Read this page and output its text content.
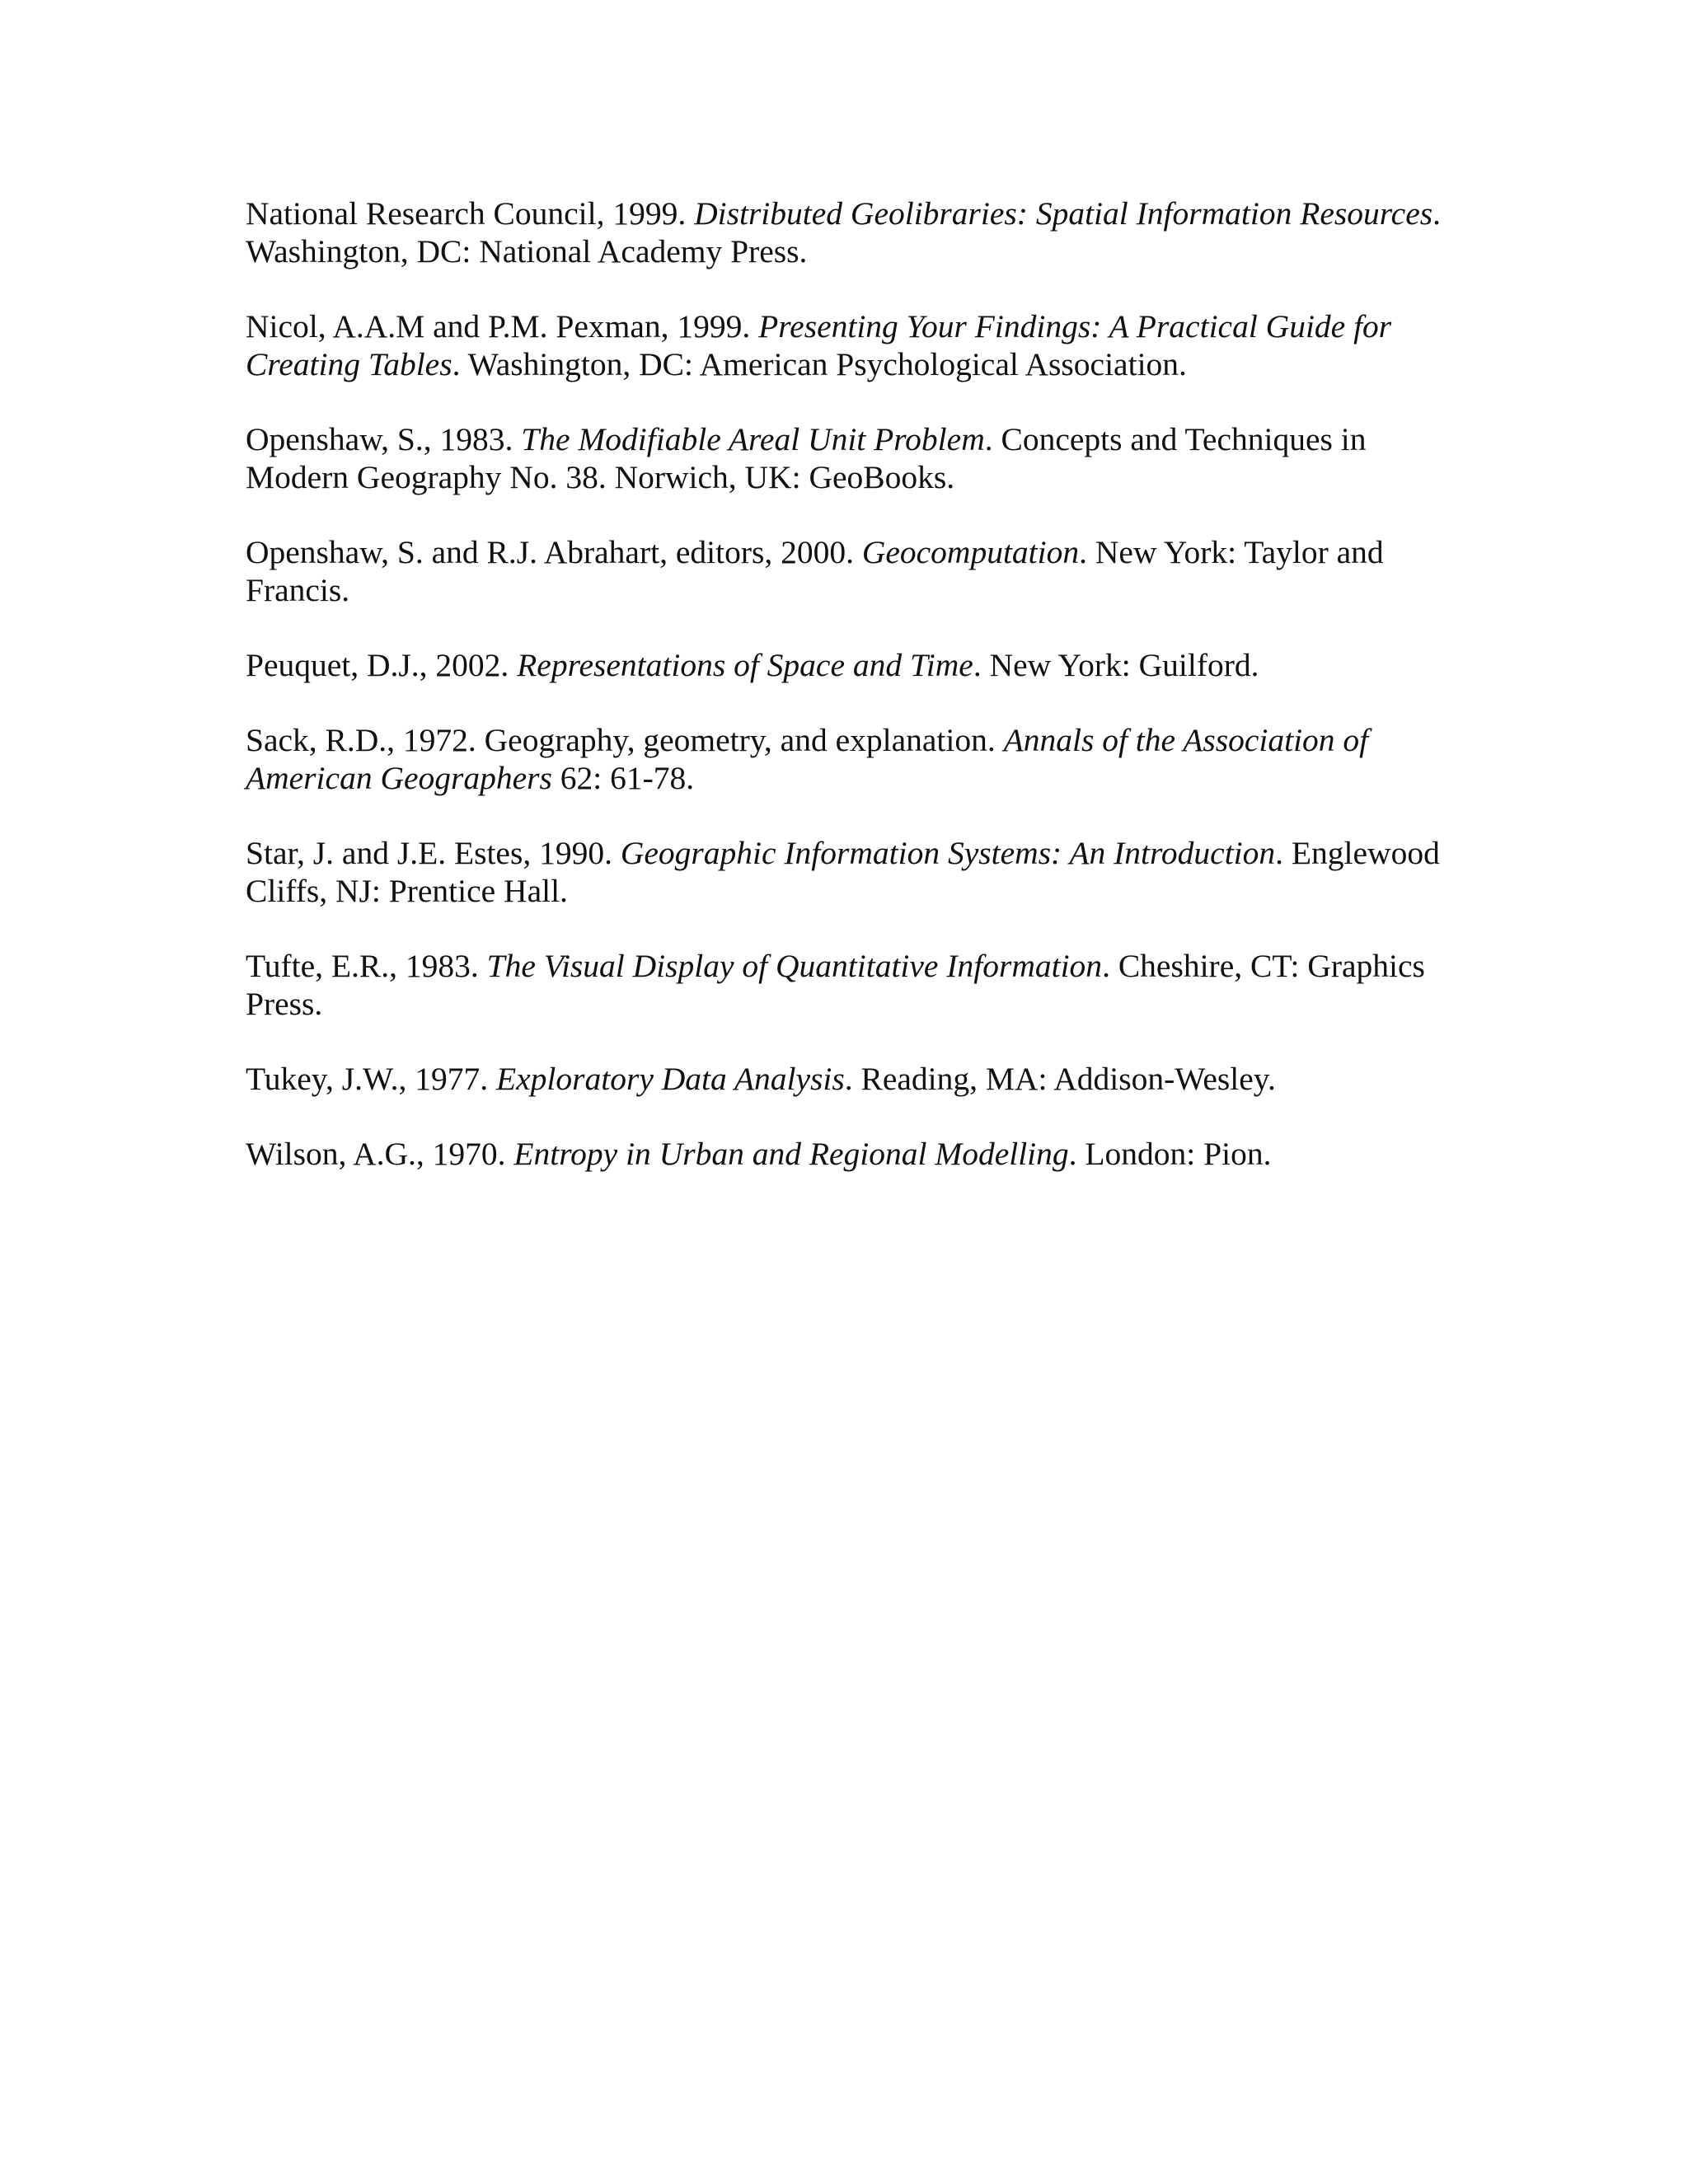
National Research Council, 1999. Distributed Geolibraries: Spatial Information Resources. Washington, DC: National Academy Press.

Nicol, A.A.M and P.M. Pexman, 1999. Presenting Your Findings: A Practical Guide for Creating Tables. Washington, DC: American Psychological Association.

Openshaw, S., 1983. The Modifiable Areal Unit Problem. Concepts and Techniques in Modern Geography No. 38. Norwich, UK: GeoBooks.

Openshaw, S. and R.J. Abrahart, editors, 2000. Geocomputation. New York: Taylor and Francis.

Peuquet, D.J., 2002. Representations of Space and Time. New York: Guilford.

Sack, R.D., 1972. Geography, geometry, and explanation. Annals of the Association of American Geographers 62: 61-78.

Star, J. and J.E. Estes, 1990. Geographic Information Systems: An Introduction. Englewood Cliffs, NJ: Prentice Hall.

Tufte, E.R., 1983. The Visual Display of Quantitative Information. Cheshire, CT: Graphics Press.

Tukey, J.W., 1977. Exploratory Data Analysis. Reading, MA: Addison-Wesley.

Wilson, A.G., 1970. Entropy in Urban and Regional Modelling. London: Pion.
